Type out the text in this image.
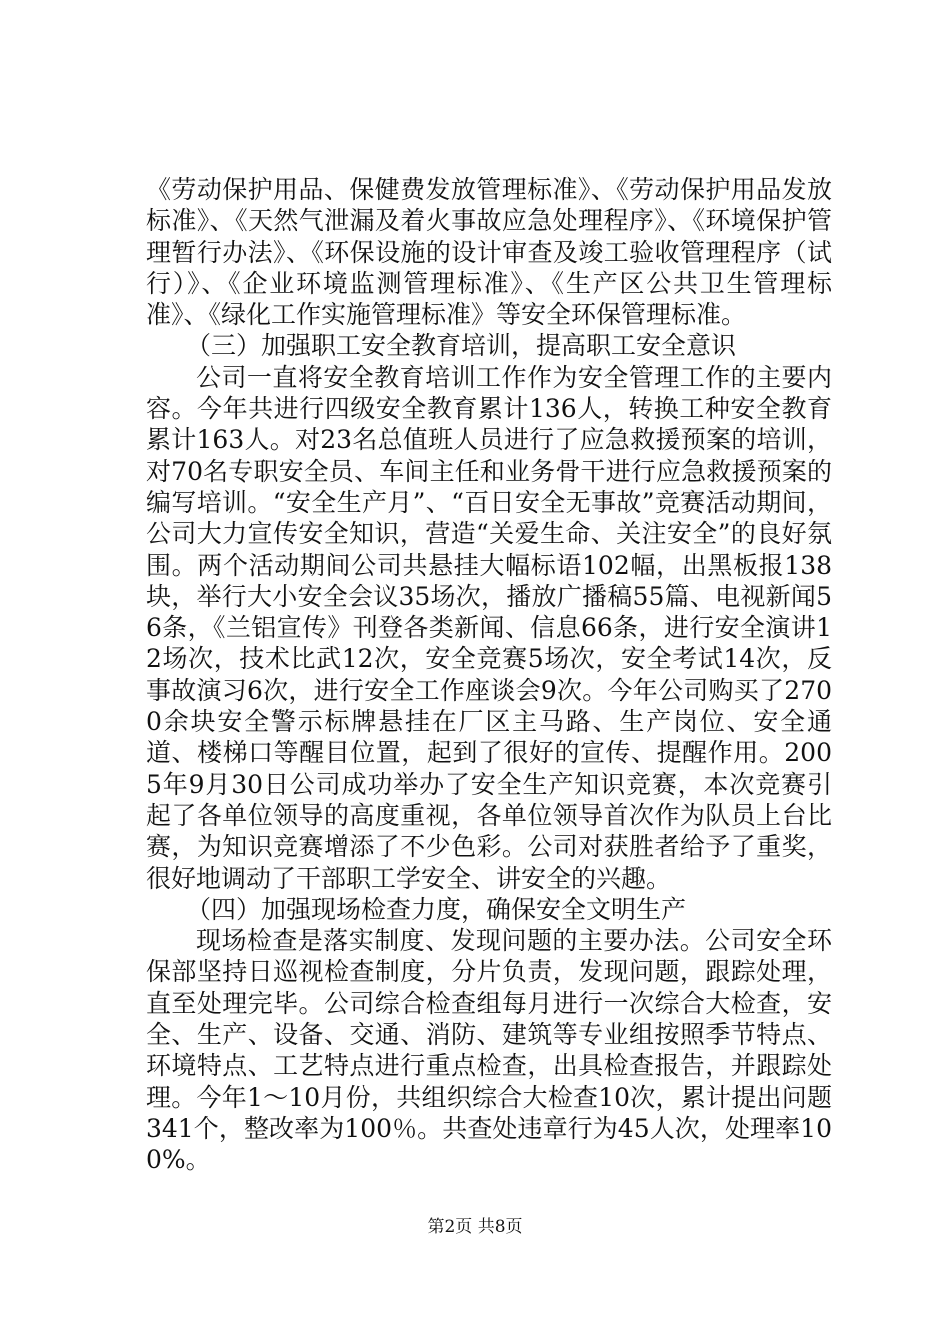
《劳动保护用品、保健费发放管理标准》、《劳动保护用品发放标准》、《天然气泄漏及着火事故应急处理程序》、《环境保护管理暂行办法》、《环保设施的设计审查及竣工验收管理程序（试行）》、《企业环境监测管理标准》、《生产区公共卫生管理标准》、《绿化工作实施管理标准》等安全环保管理标准。

（三）加强职工安全教育培训，提高职工安全意识

公司一直将安全教育培训工作作为安全管理工作的主要内容。今年共进行四级安全教育累计136人，转换工种安全教育累计163人。对23名总值班人员进行了应急救援预案的培训，对70名专职安全员、车间主任和业务骨干进行应急救援预案的编写培训。“安全生产月”、“百日安全无事故”竞赛活动期间，公司大力宣传安全知识，营造“关爱生命、关注安全”的良好氛围。两个活动期间公司共悬挂大幅标语102幅，出黑板报138块，举行大小安全会议35场次，播放广播稿55篇、电视新闻56条，《兰铝宣传》刊登各类新闻、信息66条，进行安全演讲12场次，技术比武12次，安全竞赛5场次，安全考试14次，反事故演习6次，进行安全工作座谈会9次。今年公司购买了2700余块安全警示标牌悬挂在厂区主马路、生产岗位、安全通道、楼梯口等醒目位置，起到了很好的宣传、提醒作用。2005年9月30日公司成功举办了安全生产知识竞赛，本次竞赛引起了各单位领导的高度重视，各单位领导首次作为队员上台比赛，为知识竞赛增添了不少色彩。公司对获胜者给予了重奖，很好地调动了干部职工学安全、讲安全的兴趣。

（四）加强现场检查力度，确保安全文明生产

现场检查是落实制度、发现问题的主要办法。公司安全环保部坚持日巡视检查制度，分片负责，发现问题，跟踪处理，直至处理完毕。公司综合检查组每月进行一次综合大检查，安全、生产、设备、交通、消防、建筑等专业组按照季节特点、环境特点、工艺特点进行重点检查，出具检查报告，并跟踪处理。今年1～10月份，共组织综合大检查10次，累计提出问题341个，整改率为100％。共查处违章行为45人次，处理率100%。

第2页 共8页
